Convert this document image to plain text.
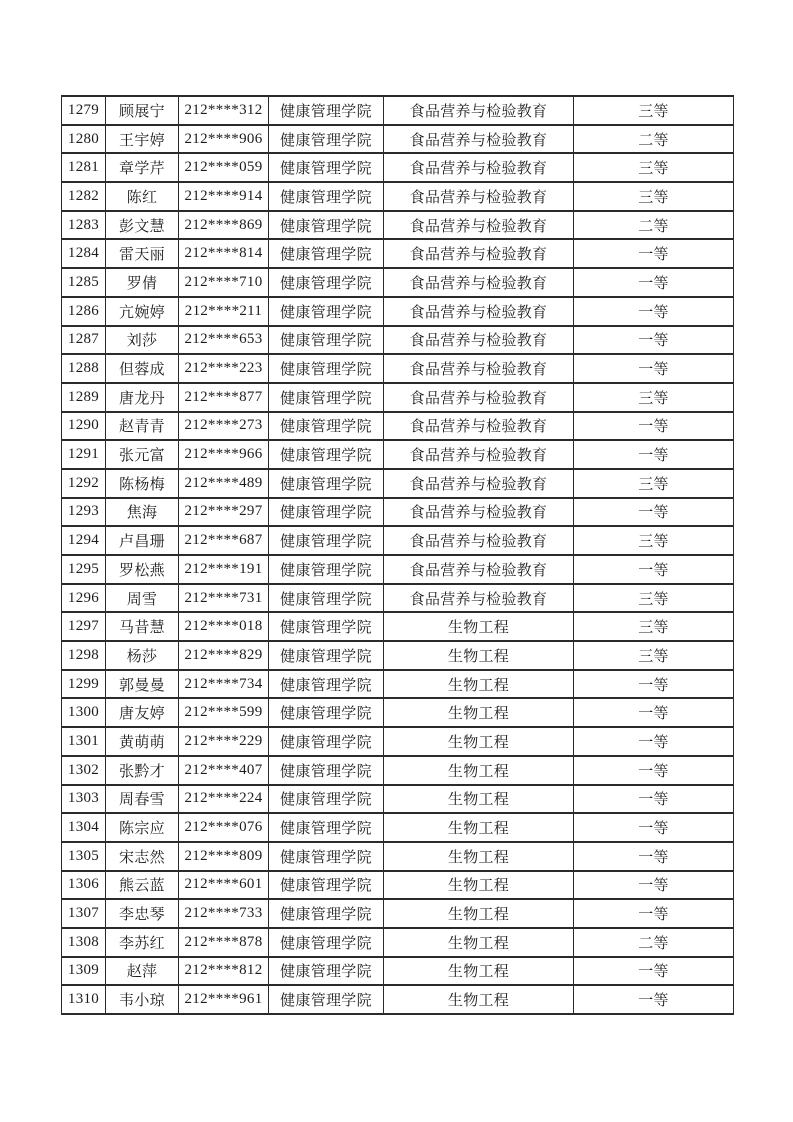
1279	顾展宁	212****312	健康管理学院	食品营养与检验教育	三等
1280	王宇婷	212****906	健康管理学院	食品营养与检验教育	二等
1281	章学芹	212****059	健康管理学院	食品营养与检验教育	三等
1282	陈红	212****914	健康管理学院	食品营养与检验教育	三等
1283	彭文慧	212****869	健康管理学院	食品营养与检验教育	二等
1284	雷天丽	212****814	健康管理学院	食品营养与检验教育	一等
1285	罗倩	212****710	健康管理学院	食品营养与检验教育	一等
1286	亢婉婷	212****211	健康管理学院	食品营养与检验教育	一等
1287	刘莎	212****653	健康管理学院	食品营养与检验教育	一等
1288	但蓉成	212****223	健康管理学院	食品营养与检验教育	一等
1289	唐龙丹	212****877	健康管理学院	食品营养与检验教育	三等
1290	赵青青	212****273	健康管理学院	食品营养与检验教育	一等
1291	张元富	212****966	健康管理学院	食品营养与检验教育	一等
1292	陈杨梅	212****489	健康管理学院	食品营养与检验教育	三等
1293	焦海	212****297	健康管理学院	食品营养与检验教育	一等
1294	卢昌珊	212****687	健康管理学院	食品营养与检验教育	三等
1295	罗松燕	212****191	健康管理学院	食品营养与检验教育	一等
1296	周雪	212****731	健康管理学院	食品营养与检验教育	三等
1297	马昔慧	212****018	健康管理学院	生物工程	三等
1298	杨莎	212****829	健康管理学院	生物工程	三等
1299	郭曼曼	212****734	健康管理学院	生物工程	一等
1300	唐友婷	212****599	健康管理学院	生物工程	一等
1301	黄萌萌	212****229	健康管理学院	生物工程	一等
1302	张黔才	212****407	健康管理学院	生物工程	一等
1303	周春雪	212****224	健康管理学院	生物工程	一等
1304	陈宗应	212****076	健康管理学院	生物工程	一等
1305	宋志然	212****809	健康管理学院	生物工程	一等
1306	熊云蓝	212****601	健康管理学院	生物工程	一等
1307	李忠琴	212****733	健康管理学院	生物工程	一等
1308	李苏红	212****878	健康管理学院	生物工程	二等
1309	赵萍	212****812	健康管理学院	生物工程	一等
1310	韦小琼	212****961	健康管理学院	生物工程	一等
